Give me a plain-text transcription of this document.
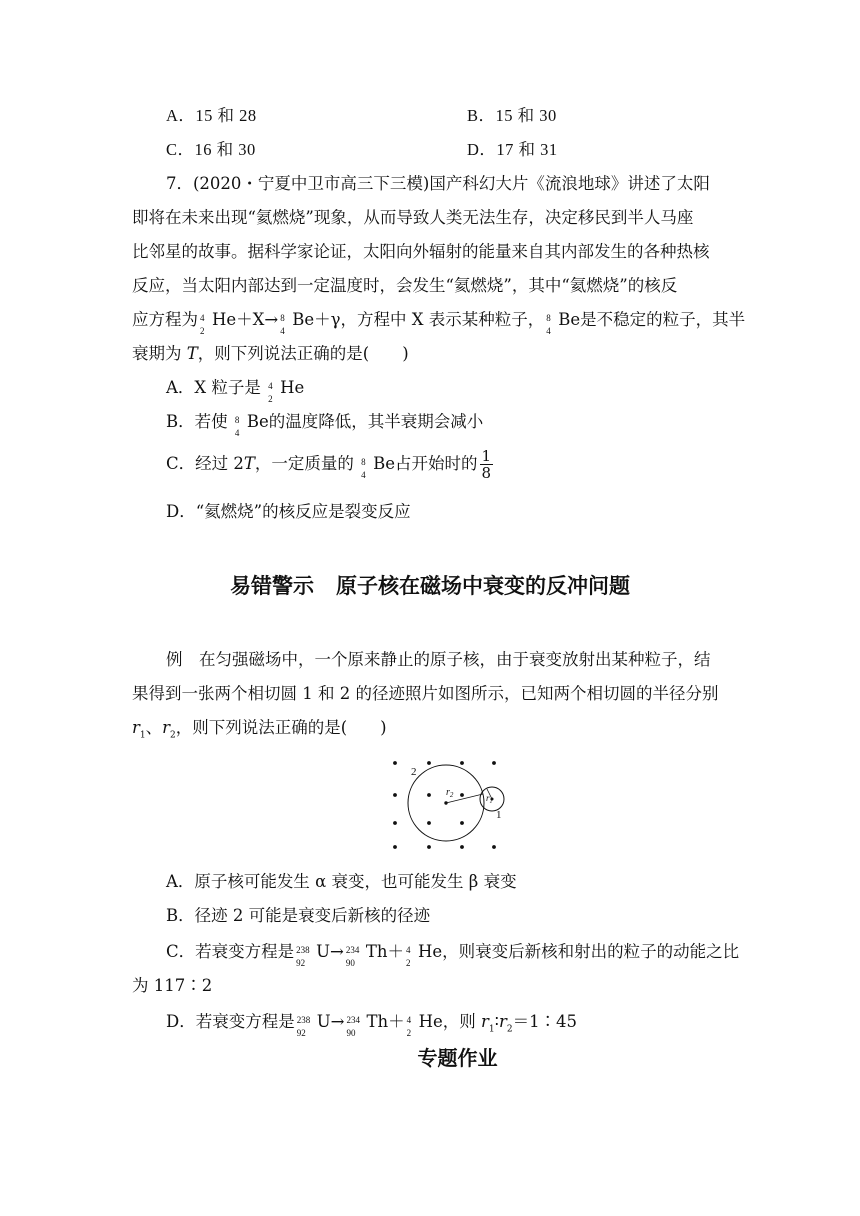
A．15 和 28	B．15 和 30
C．16 和 30	D．17 和 31
7．(2020・宁夏中卫市高三下三模)国产科幻大片《流浪地球》讲述了太阳
即将在未来出现“氦燃烧”现象，从而导致人类无法生存，决定移民到半人马座
比邻星的故事。据科学家论证，太阳向外辐射的能量来自其内部发生的各种热核
反应，当太阳内部达到一定温度时，会发生“氦燃烧”，其中“氦燃烧”的核反
应方程为 4
2
He＋X→ 8
4
Be＋γ，方程中 X 表示某种粒子， 8
4
Be是不稳定的粒子，其半
衰期为 T，则下列说法正确的是(　　)
A．X 粒子是 4
2
He
B．若使 8
4
Be的温度降低，其半衰期会减小
C．经过 2T，一定质量的 8
4
Be占开始时的 $\frac{1}{8}$
D．“氦燃烧”的核反应是裂变反应
易错警示 原子核在磁场中衰变的反冲问题
例　在匀强磁场中，一个原来静止的原子核，由于衰变放射出某种粒子，结
果得到一张两个相切圆 1 和 2 的径迹照片如图所示，已知两个相切圆的半径分别
$r_1$、$r_2$，则下列说法正确的是(　　)
2
1
$r_2$	$r_1$
A．原子核可能发生 α 衰变，也可能发生 β 衰变
B．径迹 2 可能是衰变后新核的径迹
C．若衰变方程是 238
92
U→ 234
90
Th＋ 4
2
He，则衰变后新核和射出的粒子的动能之比
为 117∶2
D．若衰变方程是 238
92
U→ 234
90
Th＋ 4
2
He，则 $r_1∶r_2=1∶45$
专题作业
